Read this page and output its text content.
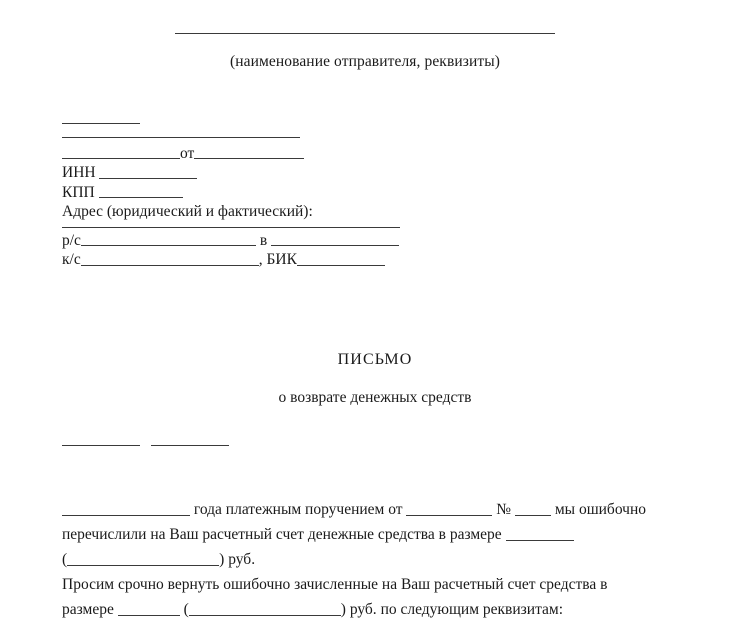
(наименование отправителя, реквизиты)
от
ИНН
КПП
Адрес (юридический и фактический):
р/с	в
к/с	, БИК
ПИСЬМО
о возврате денежных средств
года платежным поручением от	№	мы ошибочно перечислили на Ваш расчетный счет денежные средства в размере  (	) руб.
Просим срочно вернуть ошибочно зачисленные на Ваш расчетный счет средства в размере	(	) руб. по следующим реквизитам:
